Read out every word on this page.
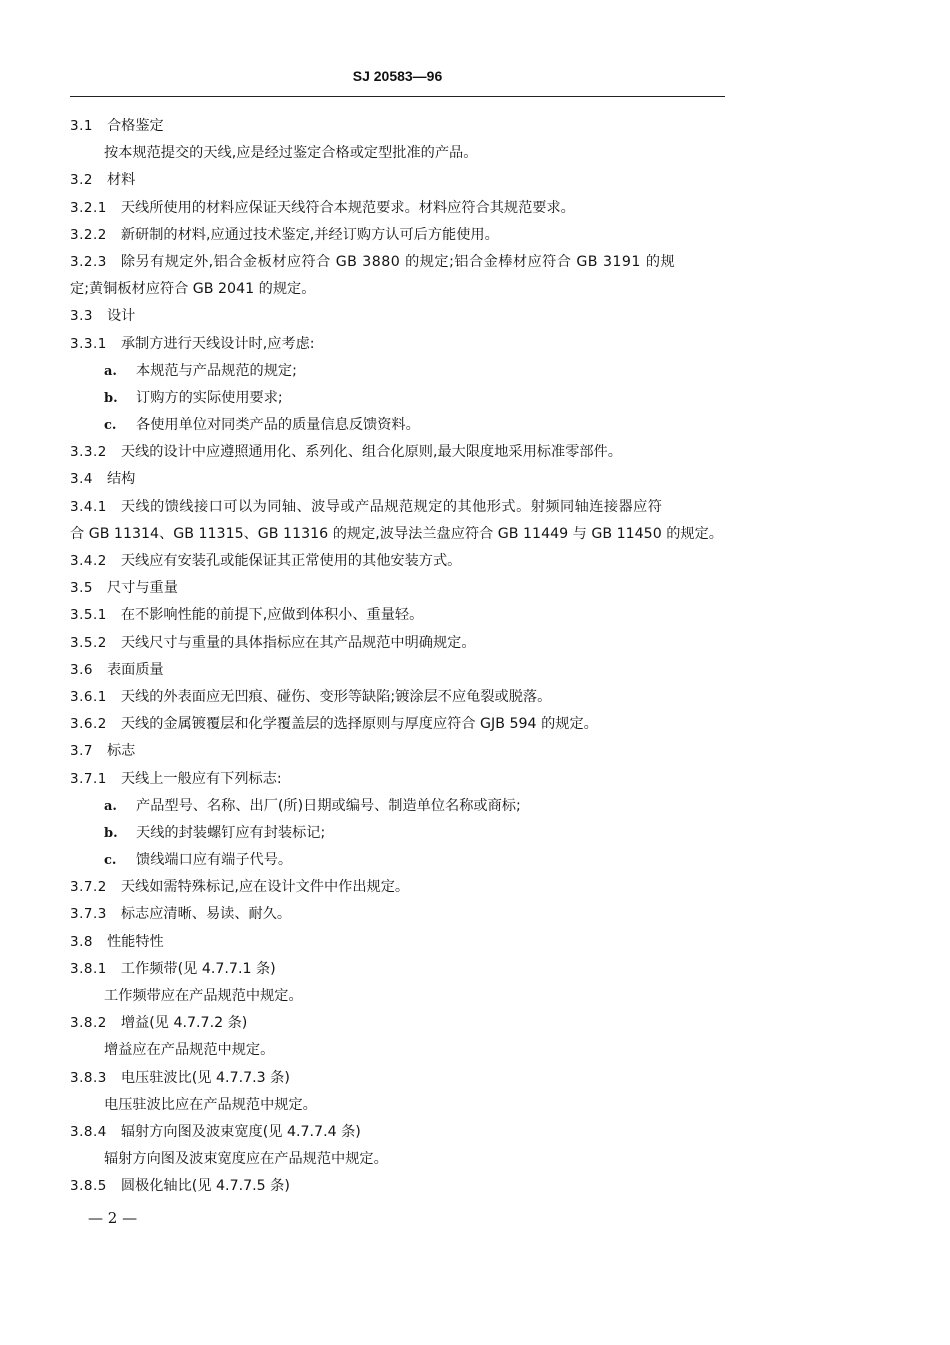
SJ 20583—96
3.1 合格鉴定
按本规范提交的天线,应是经过鉴定合格或定型批准的产品。
3.2 材料
3.2.1 天线所使用的材料应保证天线符合本规范要求。材料应符合其规范要求。
3.2.2 新研制的材料,应通过技术鉴定,并经订购方认可后方能使用。
3.2.3 除另有规定外,铝合金板材应符合 GB 3880 的规定;铝合金棒材应符合 GB 3191 的规
定;黄铜板材应符合 GB 2041 的规定。
3.3 设计
3.3.1 承制方进行天线设计时,应考虑:
a. 本规范与产品规范的规定;
b. 订购方的实际使用要求;
c. 各使用单位对同类产品的质量信息反馈资料。
3.3.2 天线的设计中应遵照通用化、系列化、组合化原则,最大限度地采用标准零部件。
3.4 结构
3.4.1 天线的馈线接口可以为同轴、波导或产品规范规定的其他形式。射频同轴连接器应符
合 GB 11314、GB 11315、GB 11316 的规定,波导法兰盘应符合 GB 11449 与 GB 11450 的规定。
3.4.2 天线应有安装孔或能保证其正常使用的其他安装方式。
3.5 尺寸与重量
3.5.1 在不影响性能的前提下,应做到体积小、重量轻。
3.5.2 天线尺寸与重量的具体指标应在其产品规范中明确规定。
3.6 表面质量
3.6.1 天线的外表面应无凹痕、碰伤、变形等缺陷;镀涂层不应龟裂或脱落。
3.6.2 天线的金属镀覆层和化学覆盖层的选择原则与厚度应符合 GJB 594 的规定。
3.7 标志
3.7.1 天线上一般应有下列标志:
a. 产品型号、名称、出厂(所)日期或编号、制造单位名称或商标;
b. 天线的封装螺钉应有封装标记;
c. 馈线端口应有端子代号。
3.7.2 天线如需特殊标记,应在设计文件中作出规定。
3.7.3 标志应清晰、易读、耐久。
3.8 性能特性
3.8.1 工作频带(见 4.7.7.1 条)
工作频带应在产品规范中规定。
3.8.2 增益(见 4.7.7.2 条)
增益应在产品规范中规定。
3.8.3 电压驻波比(见 4.7.7.3 条)
电压驻波比应在产品规范中规定。
3.8.4 辐射方向图及波束宽度(见 4.7.7.4 条)
辐射方向图及波束宽度应在产品规范中规定。
3.8.5 圆极化轴比(见 4.7.7.5 条)
— 2 —
